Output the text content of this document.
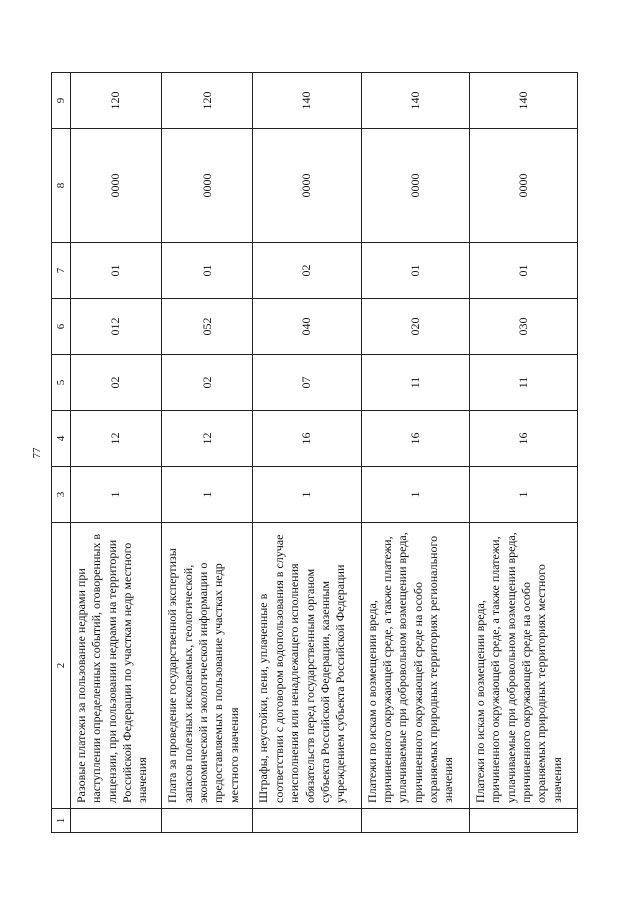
77
1	2	3	4	5	6	7	8	9
	Разовые платежи за пользование недрами при наступлении определенных событий, оговоренных в лицензии, при пользовании недрами на территории Российской Федерации по участкам недр местного значения	1	12	02	012	01	0000	120
	Плата за проведение государственной экспертизы запасов полезных ископаемых, геологической, экономической и экологической информации о предоставляемых в пользование участках недр местного значения	1	12	02	052	01	0000	120
	Штрафы, неустойки, пени, уплаченные в соответствии с договором водопользования в случае неисполнения или ненадлежащего исполнения обязательств перед государственным органом субъекта Российской Федерации, казенным учреждением субъекта Российской Федерации	1	16	07	040	02	0000	140
	Платежи по искам о возмещении вреда, причиненного окружающей среде, а также платежи, уплачиваемые при добровольном возмещении вреда, причиненного окружающей среде на особо охраняемых природных территориях регионального значения	1	16	11	020	01	0000	140
	Платежи по искам о возмещении вреда, причиненного окружающей среде, а также платежи, уплачиваемые при добровольном возмещении вреда, причиненного окружающей среде на особо охраняемых природных территориях местного значения	1	16	11	030	01	0000	140
